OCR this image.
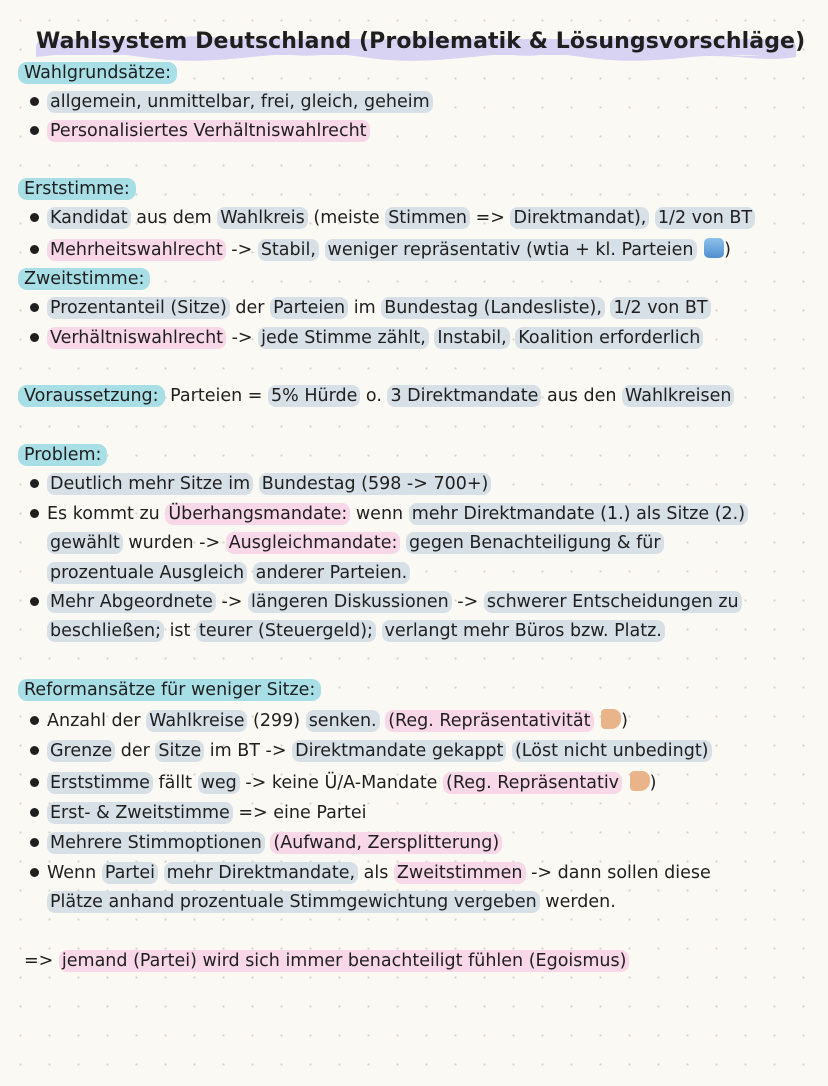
Wahlsystem Deutschland (Problematik & Lösungsvorschläge)
Wahlgrundsätze:
allgemein, unmittelbar, frei, gleich, geheim
Personalisiertes Verhältniswahlrecht
Erststimme:
Kandidat aus dem Wahlkreis (meiste Stimmen => Direktmandat), 1/2 von BT
Mehrheitswahlrecht -> Stabil, weniger repräsentativ (wtia + kl. Parteien )
Zweitstimme:
Prozentanteil (Sitze) der Parteien im Bundestag (Landesliste), 1/2 von BT
Verhältniswahlrecht -> jede Stimme zählt, Instabil, Koalition erforderlich
Voraussetzung: Parteien = 5% Hürde o. 3 Direktmandate aus den Wahlkreisen
Problem:
Deutlich mehr Sitze im Bundestag (598 -> 700+)
Es kommt zu Überhangsmandate: wenn mehr Direktmandate (1.) als Sitze (2.)
gewählt wurden -> Ausgleichmandate: gegen Benachteiligung & für
prozentuale Ausgleich anderer Parteien.
Mehr Abgeordnete -> längeren Diskussionen -> schwerer Entscheidungen zu
beschließen; ist teurer (Steuergeld); verlangt mehr Büros bzw. Platz.
Reformansätze für weniger Sitze:
Anzahl der Wahlkreise (299) senken. (Reg. Repräsentativität )
Grenze der Sitze im BT -> Direktmandate gekappt (Löst nicht unbedingt)
Erststimme fällt weg -> keine Ü/A-Mandate (Reg. Repräsentativ )
Erst- & Zweitstimme => eine Partei
Mehrere Stimmoptionen (Aufwand, Zersplitterung)
Wenn Partei mehr Direktmandate, als Zweitstimmen -> dann sollen diese
Plätze anhand prozentuale Stimmgewichtung vergeben werden.
=> jemand (Partei) wird sich immer benachteiligt fühlen (Egoismus)
